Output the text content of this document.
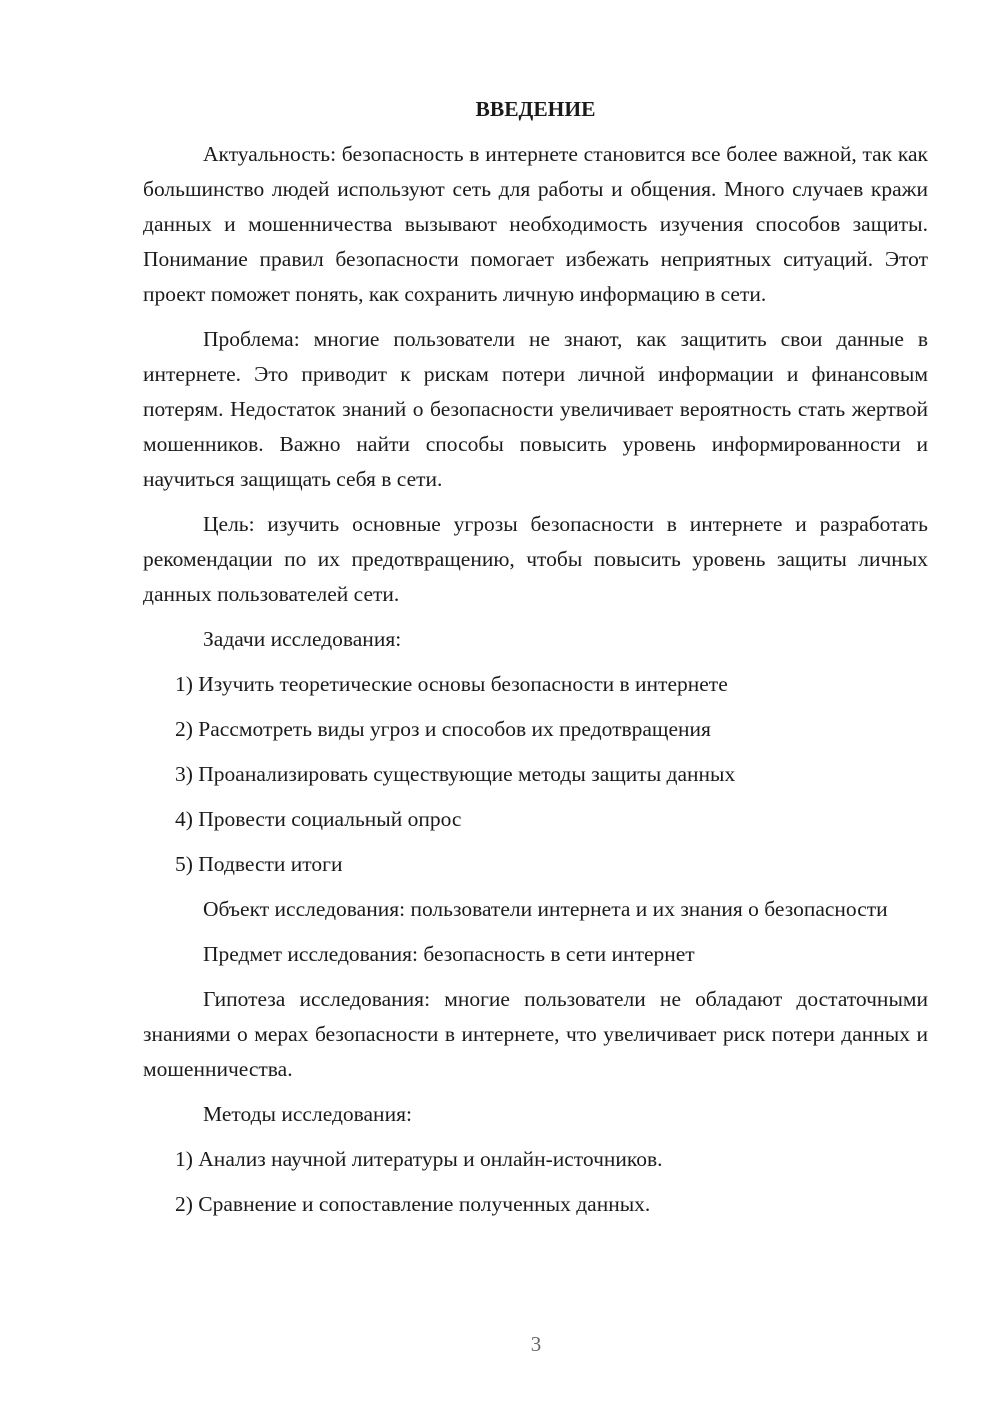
ВВЕДЕНИЕ

Актуальность: безопасность в интернете становится все более важной, так как большинство людей используют сеть для работы и общения. Много случаев кражи данных и мошенничества вызывают необходимость изучения способов защиты. Понимание правил безопасности помогает избежать неприятных ситуаций. Этот проект поможет понять, как сохранить личную информацию в сети.

Проблема: многие пользователи не знают, как защитить свои данные в интернете. Это приводит к рискам потери личной информации и финансовым потерям. Недостаток знаний о безопасности увеличивает вероятность стать жертвой мошенников. Важно найти способы повысить уровень информированности и научиться защищать себя в сети.

Цель: изучить основные угрозы безопасности в интернете и разработать рекомендации по их предотвращению, чтобы повысить уровень защиты личных данных пользователей сети.

Задачи исследования:

1) Изучить теоретические основы безопасности в интернете

2) Рассмотреть виды угроз и способов их предотвращения

3) Проанализировать существующие методы защиты данных

4) Провести социальный опрос

5) Подвести итоги

Объект исследования: пользователи интернета и их знания о безопасности

Предмет исследования: безопасность в сети интернет

Гипотеза исследования: многие пользователи не обладают достаточными знаниями о мерах безопасности в интернете, что увеличивает риск потери данных и мошенничества.

Методы исследования:

1) Анализ научной литературы и онлайн-источников.

2) Сравнение и сопоставление полученных данных.

3
